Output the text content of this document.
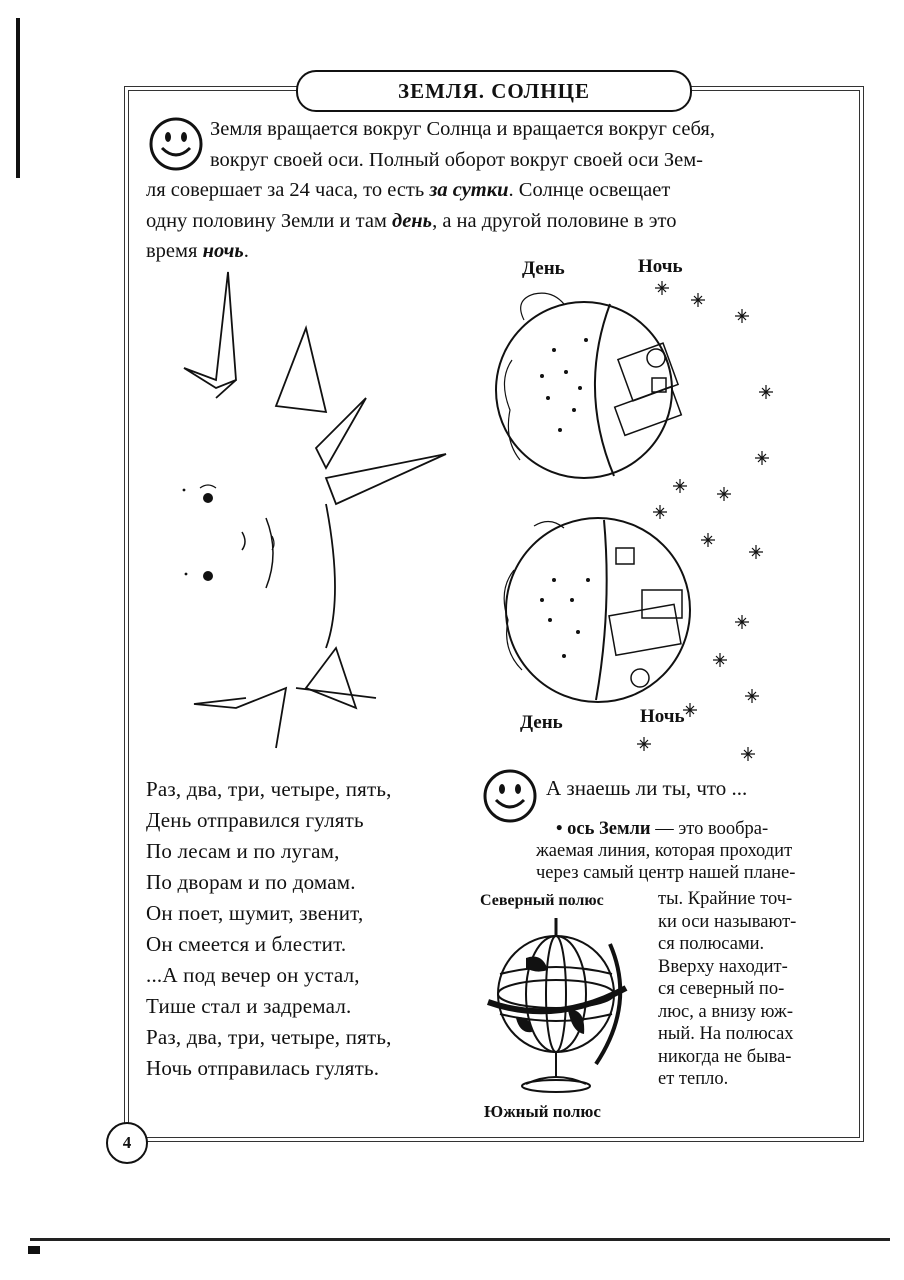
ЗЕМЛЯ. СОЛНЦЕ
Земля вращается вокруг Солнца и вращается вокруг себя,
вокруг своей оси. Полный оборот вокруг своей оси Зем-
ля совершает за 24 часа, то есть за сутки. Солнце освещает
одну половину Земли и там день, а на другой половине в это
время ночь.
День	Ночь
День	Ночь
Раз, два, три, четыре, пять,
День отправился гулять
По лесам и по лугам,
По дворам и по домам.
Он поет, шумит, звенит,
Он смеется и блестит.
...А под вечер он устал,
Тише стал и задремал.
Раз, два, три, четыре, пять,
Ночь отправилась гулять.
А знаешь ли ты, что ...
• ось Земли — это вообра-
жаемая линия, которая проходит
через самый центр нашей плане-
Северный полюс	ты. Крайние точ-
ки оси называют-
ся полюсами.
Вверху находит-
ся северный по-
люс, а внизу юж-
ный. На полюсах
никогда не быва-
ет тепло.
Южный полюс
4
